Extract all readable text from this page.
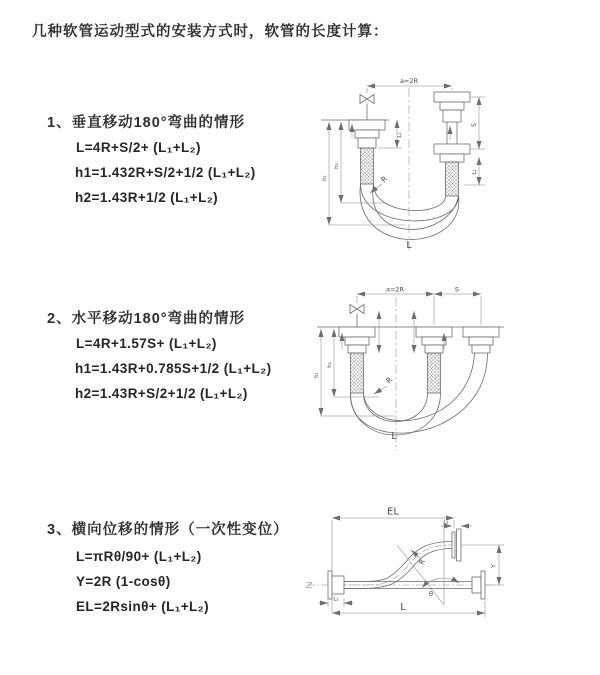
几种软管运动型式的安装方式时，软管的长度计算：
1、垂直移动180°弯曲的情形
L=4R+S/2+ (L₁+L₂)
h1=1.432R+S/2+1/2 (L₁+L₂)
h2=1.43R+1/2 (L₁+L₂)
2、水平移动180°弯曲的情形
L=4R+1.57S+ (L₁+L₂)
h1=1.43R+0.785S+1/2 (L₁+L₂)
h2=1.43R+S/2+1/2 (L₁+L₂)
3、横向位移的情形（一次性变位）
L=πRθ/90+ (L₁+L₂)
Y=2R (1-cosθ)
EL=2Rsinθ+ (L₁+L₂)
a=2R
L₁
S
L₁
h₁
h₂
R
L
a=2R	S
h₁
h₂
R
L
EL
L₂
θ
R	Y
L₁
L
